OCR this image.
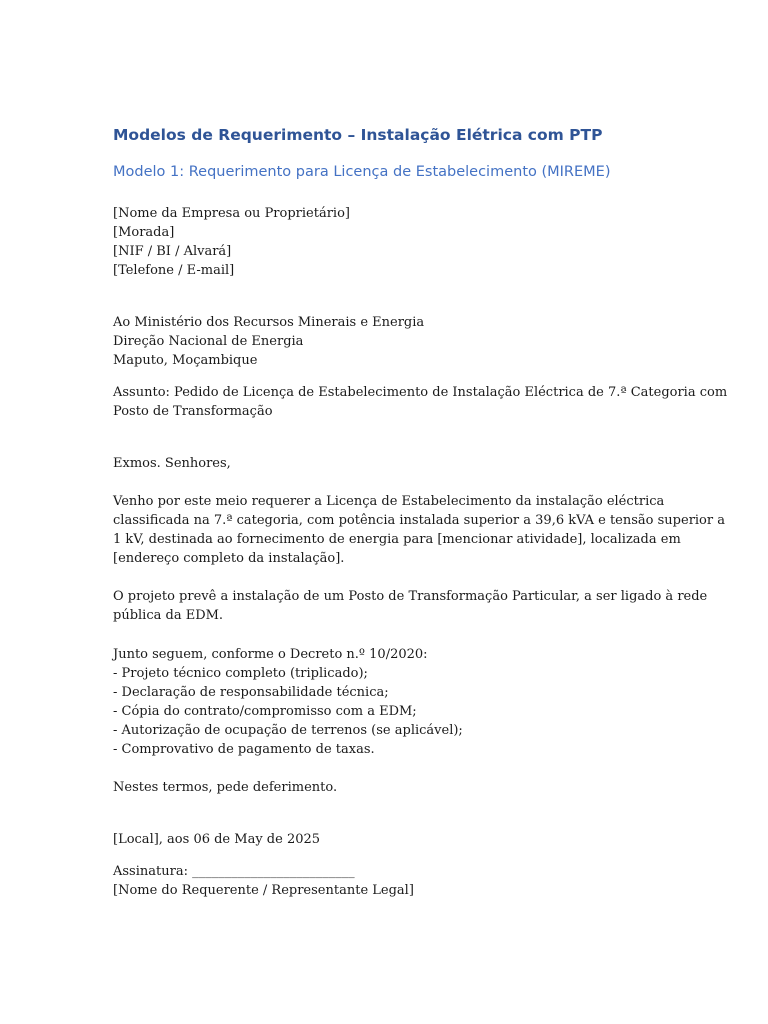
Modelos de Requerimento – Instalação Elétrica com PTP
Modelo 1: Requerimento para Licença de Estabelecimento (MIREME)
[Nome da Empresa ou Proprietário]
[Morada]
[NIF / BI / Alvará]
[Telefone / E-mail]
Ao Ministério dos Recursos Minerais e Energia
Direção Nacional de Energia
Maputo, Moçambique
Assunto: Pedido de Licença de Estabelecimento de Instalação Eléctrica de 7.ª Categoria com
Posto de Transformação
Exmos. Senhores,
Venho por este meio requerer a Licença de Estabelecimento da instalação eléctrica
classificada na 7.ª categoria, com potência instalada superior a 39,6 kVA e tensão superior a
1 kV, destinada ao fornecimento de energia para [mencionar atividade], localizada em
[endereço completo da instalação].
O projeto prevê a instalação de um Posto de Transformação Particular, a ser ligado à rede
pública da EDM.
Junto seguem, conforme o Decreto n.º 10/2020:
- Projeto técnico completo (triplicado);
- Declaração de responsabilidade técnica;
- Cópia do contrato/compromisso com a EDM;
- Autorização de ocupação de terrenos (se aplicável);
- Comprovativo de pagamento de taxas.
Nestes termos, pede deferimento.
[Local], aos 06 de May de 2025
Assinatura: _________________________
[Nome do Requerente / Representante Legal]
